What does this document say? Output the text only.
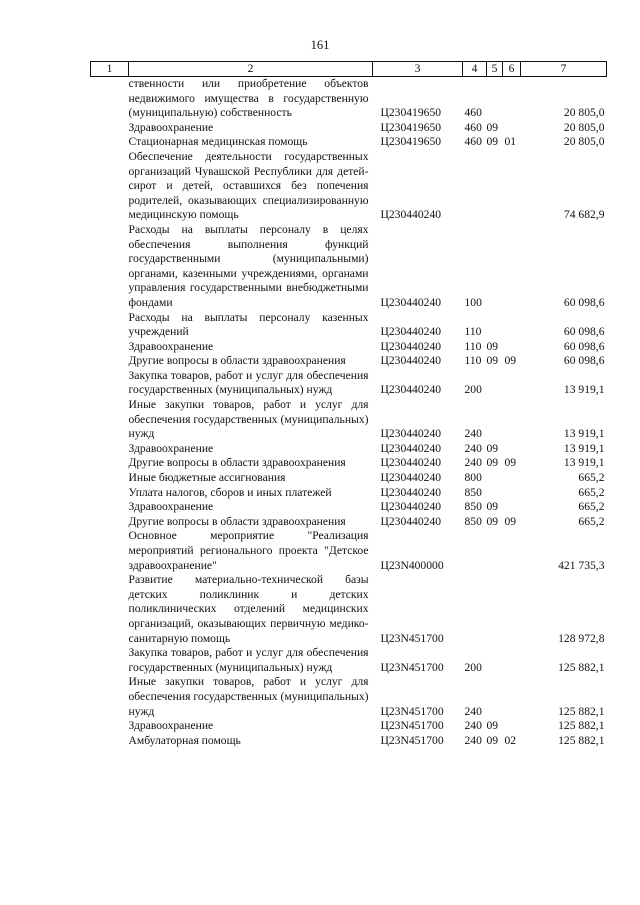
161
1	2	3	4	5	6	7
	ственности или приобретение объектов недвижимого имущества в государственную (муниципальную) собственность	Ц230419650	460			20 805,0
	Здравоохранение	Ц230419650	460	09		20 805,0
	Стационарная медицинская помощь	Ц230419650	460	09	01	20 805,0
	Обеспечение деятельности государственных организаций Чувашской Республики для детей-сирот и детей, оставшихся без попечения родителей, оказывающих специализированную медицинскую помощь	Ц230440240				74 682,9
	Расходы на выплаты персоналу в целях обеспечения выполнения функций государственными (муниципальными) органами, казенными учреждениями, органами управления государственными внебюджетными фондами	Ц230440240	100			60 098,6
	Расходы на выплаты персоналу казенных учреждений	Ц230440240	110			60 098,6
	Здравоохранение	Ц230440240	110	09		60 098,6
	Другие вопросы в области здравоохранения	Ц230440240	110	09	09	60 098,6
	Закупка товаров, работ и услуг для обеспечения государственных (муниципальных) нужд	Ц230440240	200			13 919,1
	Иные закупки товаров, работ и услуг для обеспечения государственных (муниципальных) нужд	Ц230440240	240			13 919,1
	Здравоохранение	Ц230440240	240	09		13 919,1
	Другие вопросы в области здравоохранения	Ц230440240	240	09	09	13 919,1
	Иные бюджетные ассигнования	Ц230440240	800			665,2
	Уплата налогов, сборов и иных платежей	Ц230440240	850			665,2
	Здравоохранение	Ц230440240	850	09		665,2
	Другие вопросы в области здравоохранения	Ц230440240	850	09	09	665,2
	Основное мероприятие "Реализация мероприятий регионального проекта "Детское здравоохранение"	Ц23N400000				421 735,3
	Развитие материально-технической базы детских поликлиник и детских поликлинических отделений медицинских организаций, оказывающих первичную медико-санитарную помощь	Ц23N451700				128 972,8
	Закупка товаров, работ и услуг для обеспечения государственных (муниципальных) нужд	Ц23N451700	200			125 882,1
	Иные закупки товаров, работ и услуг для обеспечения государственных (муниципальных) нужд	Ц23N451700	240			125 882,1
	Здравоохранение	Ц23N451700	240	09		125 882,1
	Амбулаторная помощь	Ц23N451700	240	09	02	125 882,1
